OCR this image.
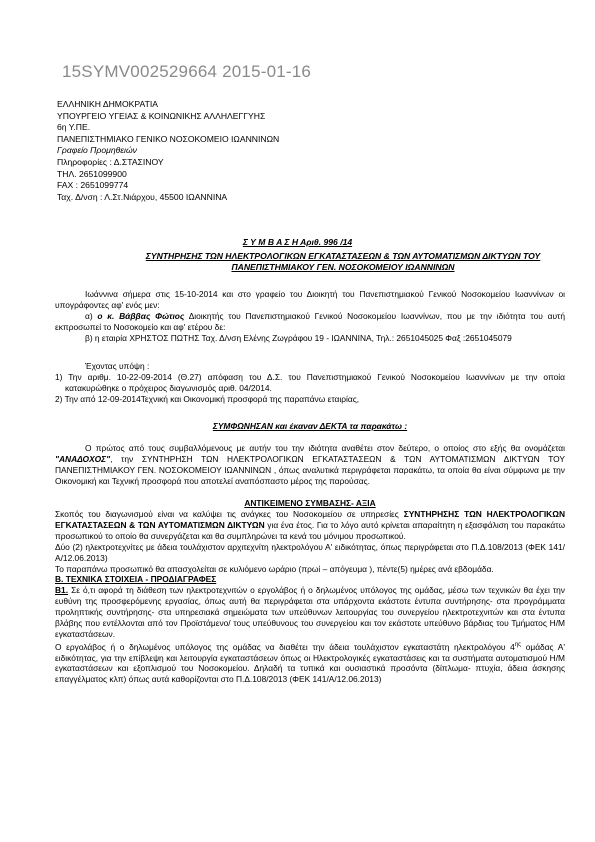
15SYMV002529664 2015-01-16
ΕΛΛΗΝΙΚΗ ΔΗΜΟΚΡΑΤΙΑ
ΥΠΟΥΡΓΕΙΟ ΥΓΕΙΑΣ & ΚΟΙΝΩΝΙΚΗΣ ΑΛΛΗΛΕΓΓΥΗΣ
6η Υ.ΠΕ.
ΠΑΝΕΠΙΣΤΗΜΙΑΚΟ ΓΕΝΙΚΟ ΝΟΣΟΚΟΜΕΙΟ ΙΩΑΝΝΙΝΩΝ
Γραφείο Προμηθειών
Πληροφορίες : Δ.ΣΤΑΣΙΝΟΥ
ΤΗΛ. 2651099900
FAX : 2651099774
Ταχ. Δ/νση : Λ.Στ.Νιάρχου, 45500 ΙΩΑΝΝΙΝΑ
Σ Υ Μ Β Α Σ Η Αριθ. 996 /14
ΣΥΝΤΗΡΗΣΗΣ ΤΩΝ ΗΛΕΚΤΡΟΛΟΓΙΚΩΝ ΕΓΚΑΤΑΣΤΑΣΕΩΝ & ΤΩΝ ΑΥΤΟΜΑΤΙΣΜΩΝ ΔΙΚΤΥΩΝ ΤΟΥ ΠΑΝΕΠΙΣΤΗΜΙΑΚΟΥ ΓΕΝ. ΝΟΣΟΚΟΜΕΙΟΥ ΙΩΑΝΝΙΝΩΝ

Ιωάννινα σήμερα στις 15-10-2014 και στο γραφείο του Διοικητή του Πανεπιστημιακού Γενικού Νοσοκομείου Ιωαννίνων οι υπογράφοντες αφ' ενός μεν:

α) ο κ. Βάββας Φώτιος Διοικητής του Πανεπιστημιακού Γενικού Νοσοκομείου Ιωαννίνων, που με την ιδιότητα του αυτή εκπροσωπεί το Νοσοκομείο και αφ' ετέρου δε:

β) η εταιρία ΧΡΗΣΤΟΣ ΠΩΤΗΣ Ταχ. Δ/νση Ελένης Ζωγράφου 19 - ΙΩΑΝΝΙΝΑ, Τηλ.: 2651045025 Φαξ :2651045079

Έχοντας υπόψη :

1) Την αριθμ. 10-22-09-2014 (Θ.27) απόφαση του Δ.Σ. του Πανεπιστημιακού Γενικού Νοσοκομείου Ιωαννίνων με την οποία κατακυρώθηκε ο πρόχειρος διαγωνισμός αριθ. 04/2014.

2) Την από 12-09-2014Τεχνική και Οικονομική προσφορά της παραπάνω εταιρίας,

ΣΥΜΦΩΝΗΣΑΝ και έκαναν ΔΕΚΤΑ τα παρακάτω :

Ο πρώτος από τους συμβαλλόμενους με αυτήν του την ιδιότητα αναθέτει στον δεύτερο, ο οποίος στο εξής θα ονομάζεται "ΑΝΑΔΟΧΟΣ", την ΣΥΝΤΗΡΗΣΗ ΤΩΝ ΗΛΕΚΤΡΟΛΟΓΙΚΩΝ ΕΓΚΑΤΑΣΤΑΣΕΩΝ & ΤΩΝ ΑΥΤΟΜΑΤΙΣΜΩΝ ΔΙΚΤΥΩΝ ΤΟΥ ΠΑΝΕΠΙΣΤΗΜΙΑΚΟΥ ΓΕΝ. ΝΟΣΟΚΟΜΕΙΟΥ ΙΩΑΝΝΙΝΩΝ , όπως αναλυτικά περιγράφεται παρακάτω, τα οποία θα είναι σύμφωνα με την Οικονομική και Τεχνική προσφορά που αποτελεί αναπόσπαστο μέρος της παρούσας.

ΑΝΤΙΚΕΙΜΕΝΟ ΣΥΜΒΑΣΗΣ- ΑΞΙΑ

Σκοπός του διαγωνισμού είναι να καλύψει τις ανάγκες του Νοσοκομείου σε υπηρεσίες ΣΥΝΤΗΡΗΣΗΣ ΤΩΝ ΗΛΕΚΤΡΟΛΟΓΙΚΩΝ ΕΓΚΑΤΑΣΤΑΣΕΩΝ & ΤΩΝ ΑΥΤΟΜΑΤΙΣΜΩΝ ΔΙΚΤΥΩΝ για ένα έτος. Για το λόγο αυτό κρίνεται απαραίτητη η εξασφάλιση του παρακάτω προσωπικού το οποίο θα συνεργάζεται και θα συμπληρώνει τα κενά του μόνιμου προσωπικού.

Δύο (2) ηλεκτροτεχνίτες με άδεια τουλάχιστον αρχιτεχνίτη ηλεκτρολόγου Α' ειδικότητας, όπως περιγράφεται στο Π.Δ.108/2013 (ΦΕΚ 141/Α/12.06.2013)

Το παραπάνω προσωπικό θα απασχολείται σε κυλιόμενο ωράριο (πρωί – απόγευμα ), πέντε(5) ημέρες ανά εβδομάδα.

Β. ΤΕΧΝΙΚΑ ΣΤΟΙΧΕΙΑ - ΠΡΟΔΙΑΓΡΑΦΕΣ

Β1. Σε ό,τι αφορά τη διάθεση των ηλεκτροτεχνιτών ο εργολάβος ή ο δηλωμένος υπόλογος της ομάδας, μέσω των τεχνικών θα έχει την ευθύνη της προσφερόμενης εργασίας, όπως αυτή θα περιγράφεται στα υπάρχοντα εκάστοτε έντυπα συντήρησης- στα προγράμματα προληπτικής συντήρησης- στα υπηρεσιακά σημειώματα των υπεύθυνων λειτουργίας του συνεργείου ηλεκτροτεχνιτών και στα έντυπα βλάβης που εντέλλονται από τον Προϊστάμενο/ τους υπεύθυνους του συνεργείου και τον εκάστοτε υπεύθυνο βάρδιας του Τμήματος Η/Μ εγκαταστάσεων.

Ο εργολάβος ή ο δηλωμένος υπόλογος της ομάδας να διαθέτει την άδεια τουλάχιστον εγκαταστάτη ηλεκτρολόγου $4^{\eta\varsigma}$ ομάδας Α' ειδικότητας, για την επίβλεψη και λειτουργία εγκαταστάσεων όπως οι Ηλεκτρολογικές εγκαταστάσεις και τα συστήματα αυτοματισμού Η/Μ εγκαταστάσεων και εξοπλισμού του Νοσοκομείου. Δηλαδή τα τυπικά και ουσιαστικά προσόντα (δίπλωμα- πτυχία, άδεια άσκησης επαγγέλματος κλπ) όπως αυτά καθορίζονται στο Π.Δ.108/2013 (ΦΕΚ 141/Α/12.06.2013)
